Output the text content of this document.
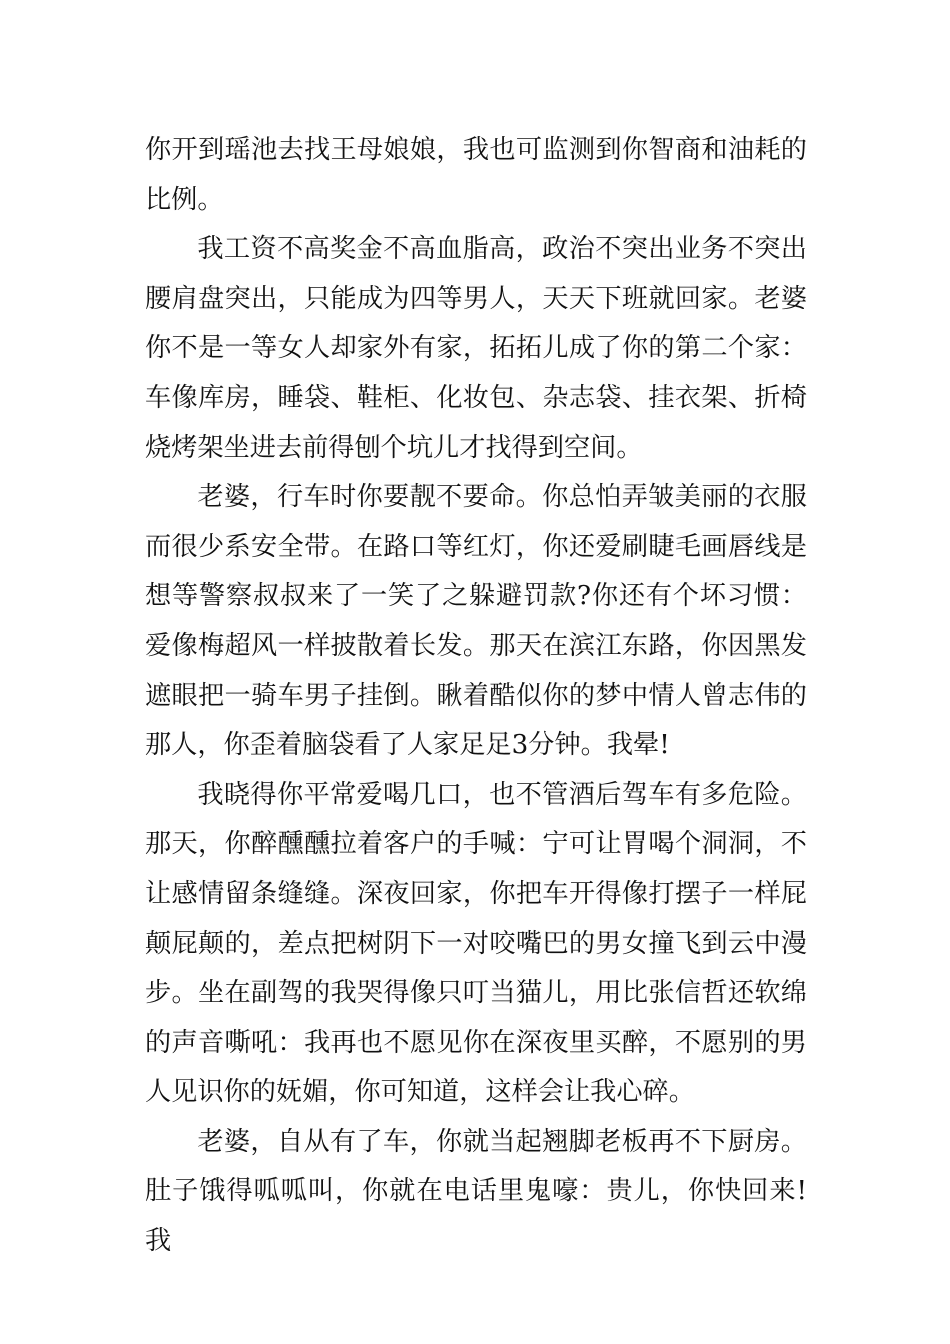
你开到瑶池去找王母娘娘，我也可监测到你智商和油耗的比例。

我工资不高奖金不高血脂高，政治不突出业务不突出腰肩盘突出，只能成为四等男人，天天下班就回家。老婆你不是一等女人却家外有家，拓拓儿成了你的第二个家：车像库房，睡袋、鞋柜、化妆包、杂志袋、挂衣架、折椅烧烤架坐进去前得刨个坑儿才找得到空间。

老婆，行车时你要靓不要命。你总怕弄皱美丽的衣服而很少系安全带。在路口等红灯，你还爱刷睫毛画唇线是想等警察叔叔来了一笑了之躲避罚款?你还有个坏习惯：爱像梅超风一样披散着长发。那天在滨江东路，你因黑发遮眼把一骑车男子挂倒。瞅着酷似你的梦中情人曾志伟的那人，你歪着脑袋看了人家足足3分钟。我晕!

我晓得你平常爱喝几口，也不管酒后驾车有多危险。那天，你醉醺醺拉着客户的手喊：宁可让胃喝个洞洞，不让感情留条缝缝。深夜回家，你把车开得像打摆子一样屁颠屁颠的，差点把树阴下一对咬嘴巴的男女撞飞到云中漫步。坐在副驾的我哭得像只叮当猫儿，用比张信哲还软绵的声音嘶吼：我再也不愿见你在深夜里买醉，不愿别的男人见识你的妩媚，你可知道，这样会让我心碎。

老婆，自从有了车，你就当起翘脚老板再不下厨房。肚子饿得呱呱叫，你就在电话里鬼嚎：贵儿，你快回来!我
